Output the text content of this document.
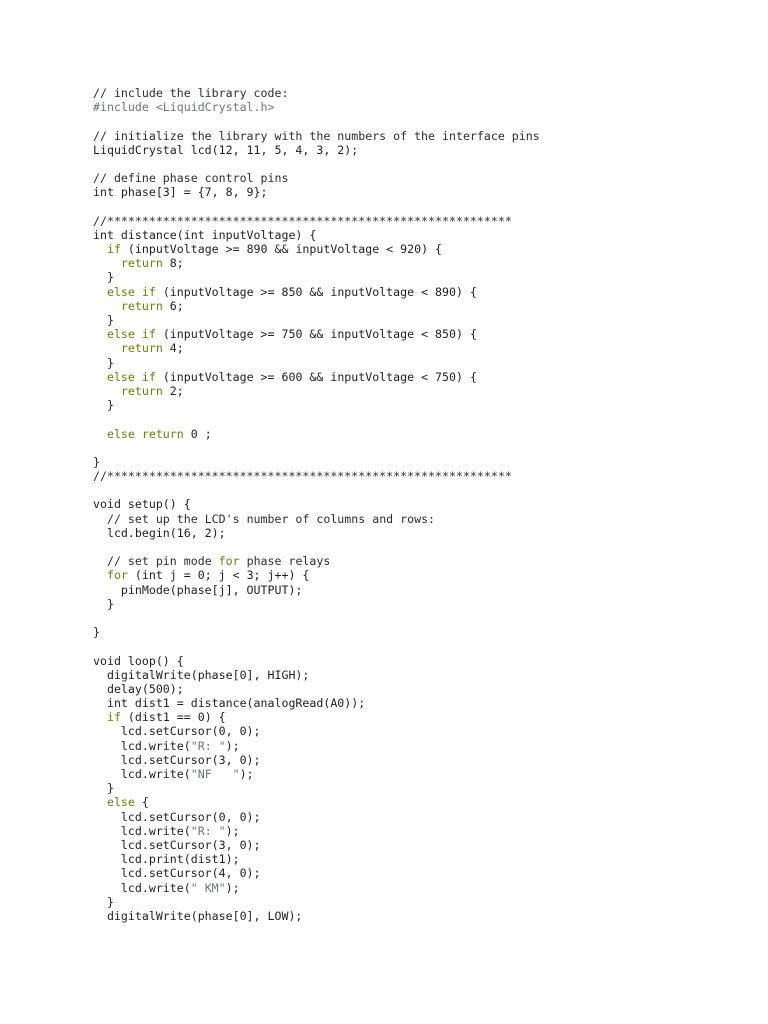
// include the library code:
#include <LiquidCrystal.h>
// initialize the library with the numbers of the interface pins
LiquidCrystal lcd(12, 11, 5, 4, 3, 2);
// define phase control pins
int phase[3] = {7, 8, 9};
//**********************************************************
int distance(int inputVoltage) {
if (inputVoltage >= 890 && inputVoltage < 920) {
return 8;
}
else if (inputVoltage >= 850 && inputVoltage < 890) {
return 6;
}
else if (inputVoltage >= 750 && inputVoltage < 850) {
return 4;
}
else if (inputVoltage >= 600 && inputVoltage < 750) {
return 2;
}
else return 0 ;
}
//**********************************************************
void setup() {
// set up the LCD's number of columns and rows:
lcd.begin(16, 2);
// set pin mode for phase relays
for (int j = 0; j < 3; j++) {
pinMode(phase[j], OUTPUT);
}
}
void loop() {
digitalWrite(phase[0], HIGH);
delay(500);
int dist1 = distance(analogRead(A0));
if (dist1 == 0) {
lcd.setCursor(0, 0);
lcd.write("R: ");
lcd.setCursor(3, 0);
lcd.write("NF   ");
}
else {
lcd.setCursor(0, 0);
lcd.write("R: ");
lcd.setCursor(3, 0);
lcd.print(dist1);
lcd.setCursor(4, 0);
lcd.write(" KM");
}
digitalWrite(phase[0], LOW);
